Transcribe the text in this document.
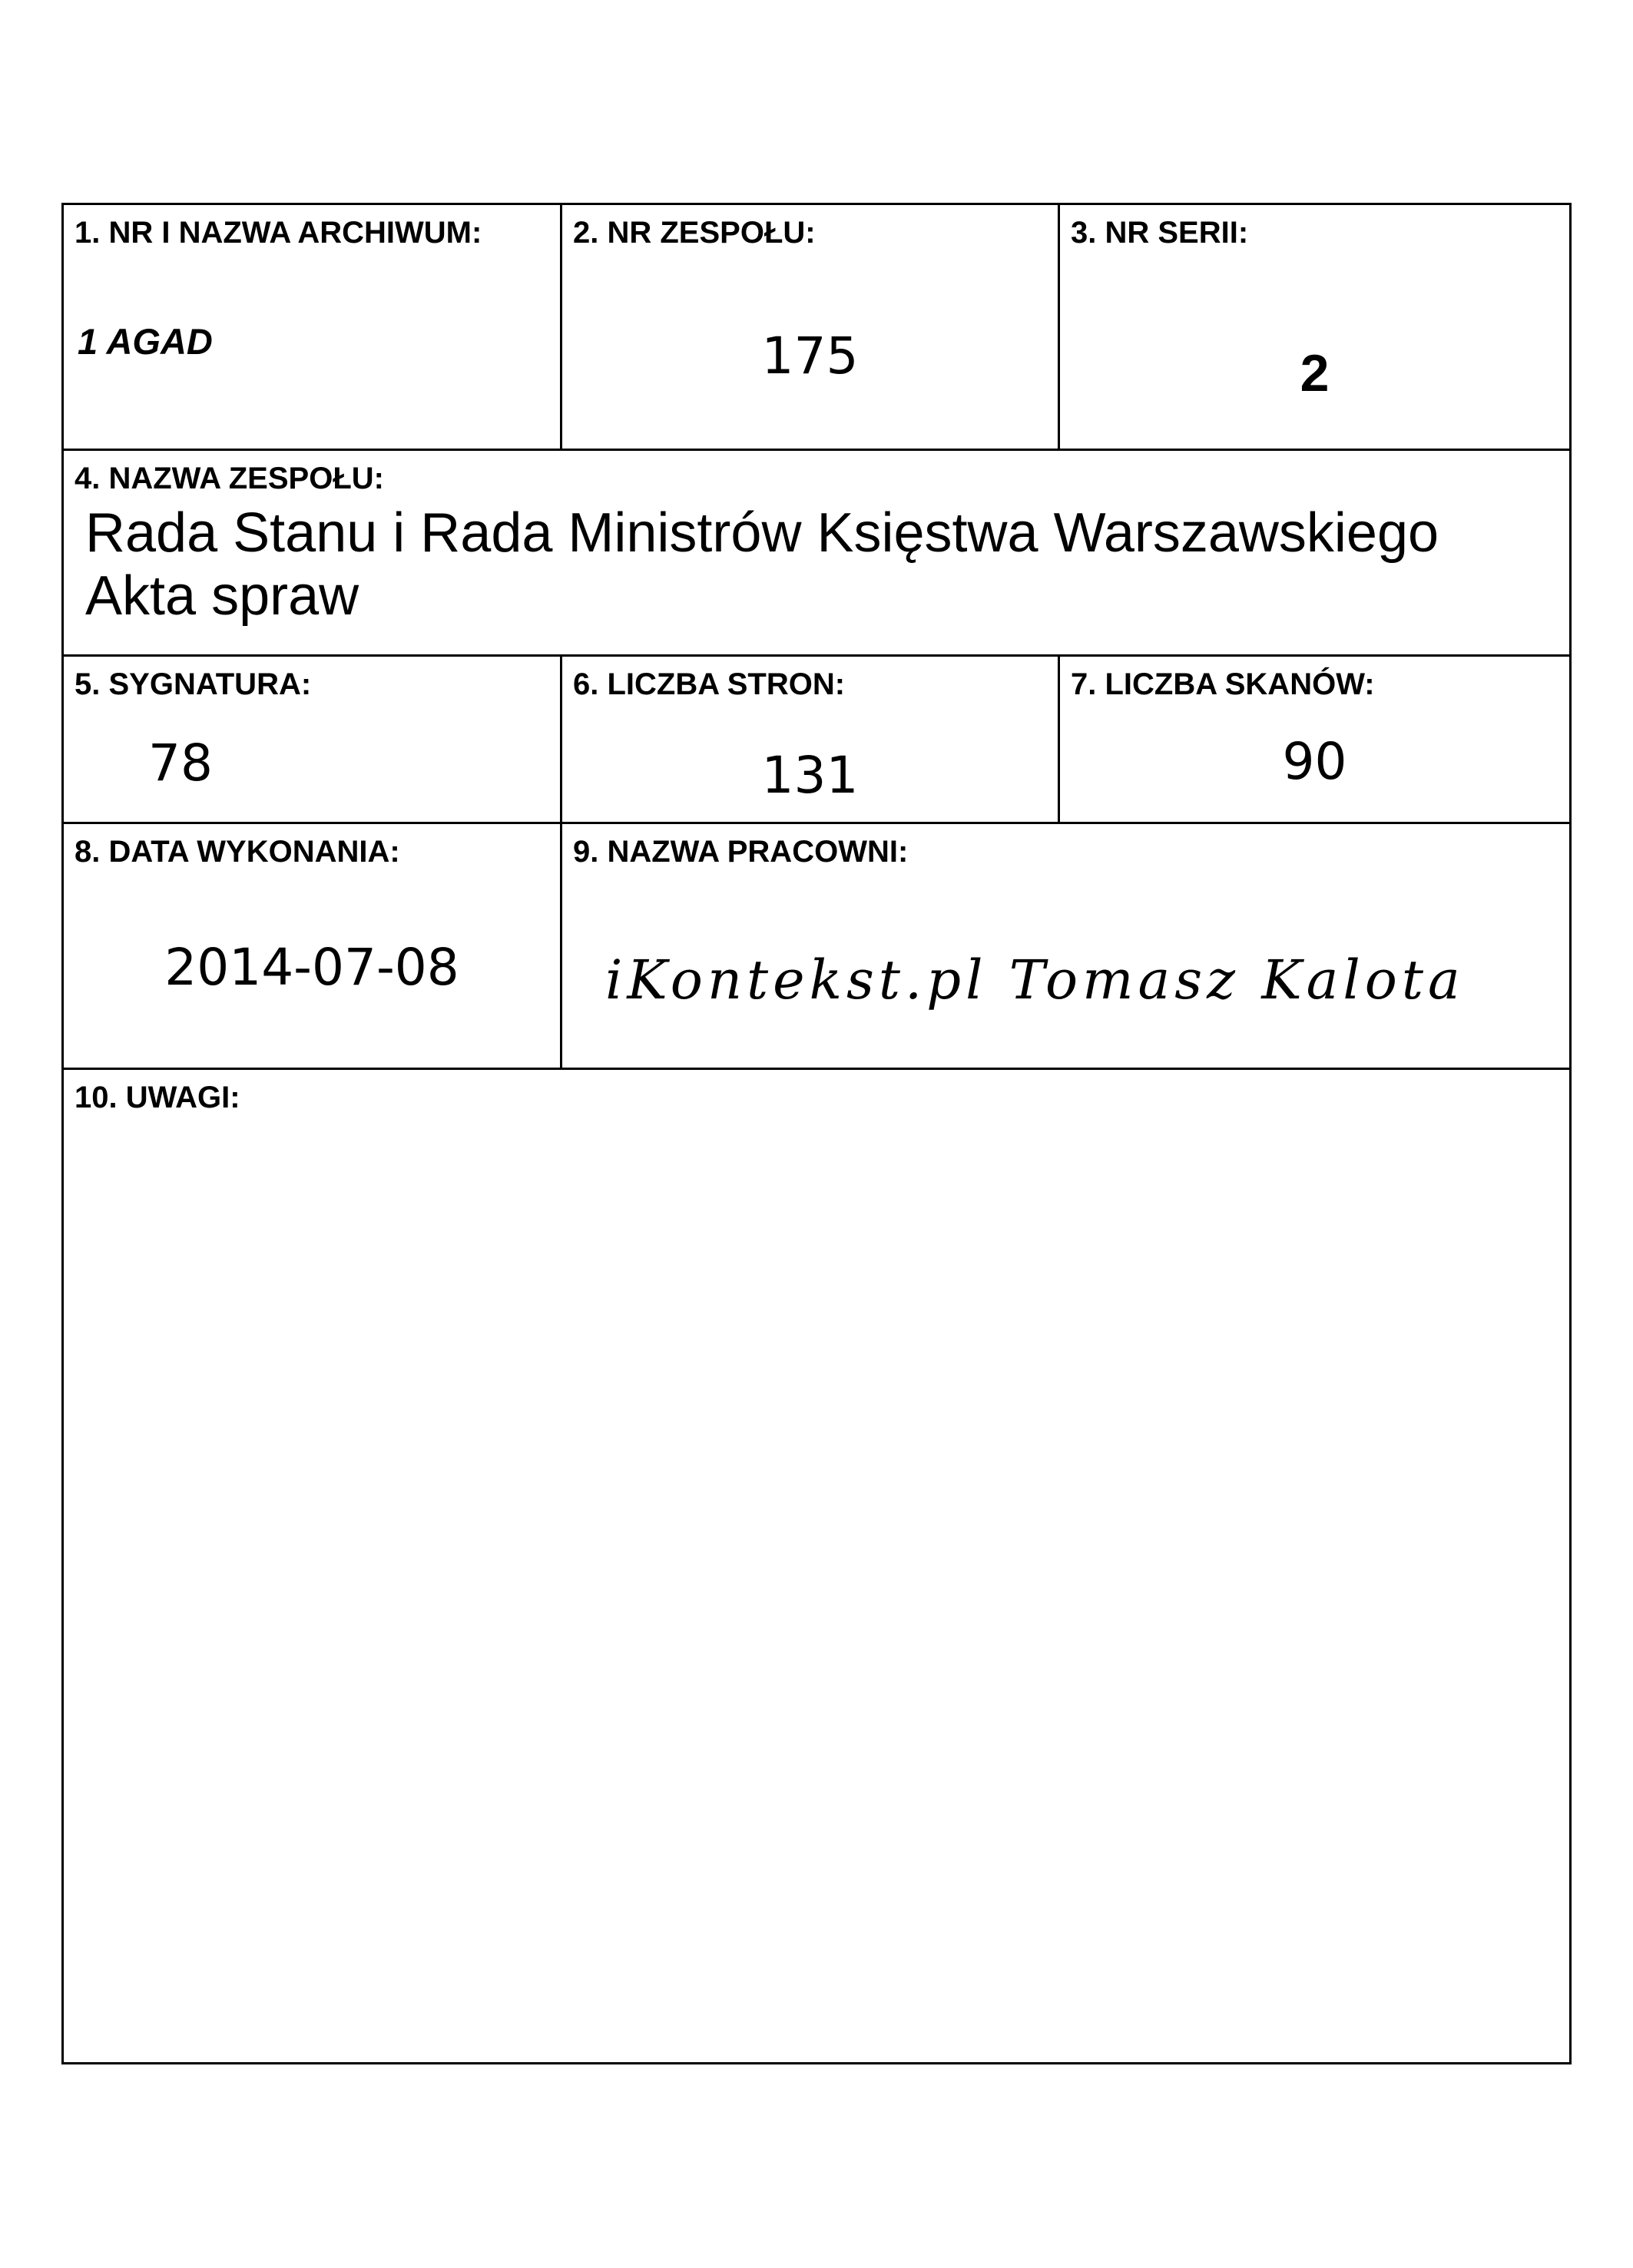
1. NR I NAZWA ARCHIWUM:
1 AGAD
2. NR ZESPOŁU:
175
3. NR SERII:
2
4. NAZWA ZESPOŁU:
Rada Stanu i Rada Ministrów Księstwa Warszawskiego
Akta spraw
5. SYGNATURA:
78
6. LICZBA STRON:
131
7. LICZBA SKANÓW:
90
8. DATA WYKONANIA:
2014-07-08
9. NAZWA PRACOWNI:
iKontekst.pl Tomasz Kalota
10. UWAGI:
